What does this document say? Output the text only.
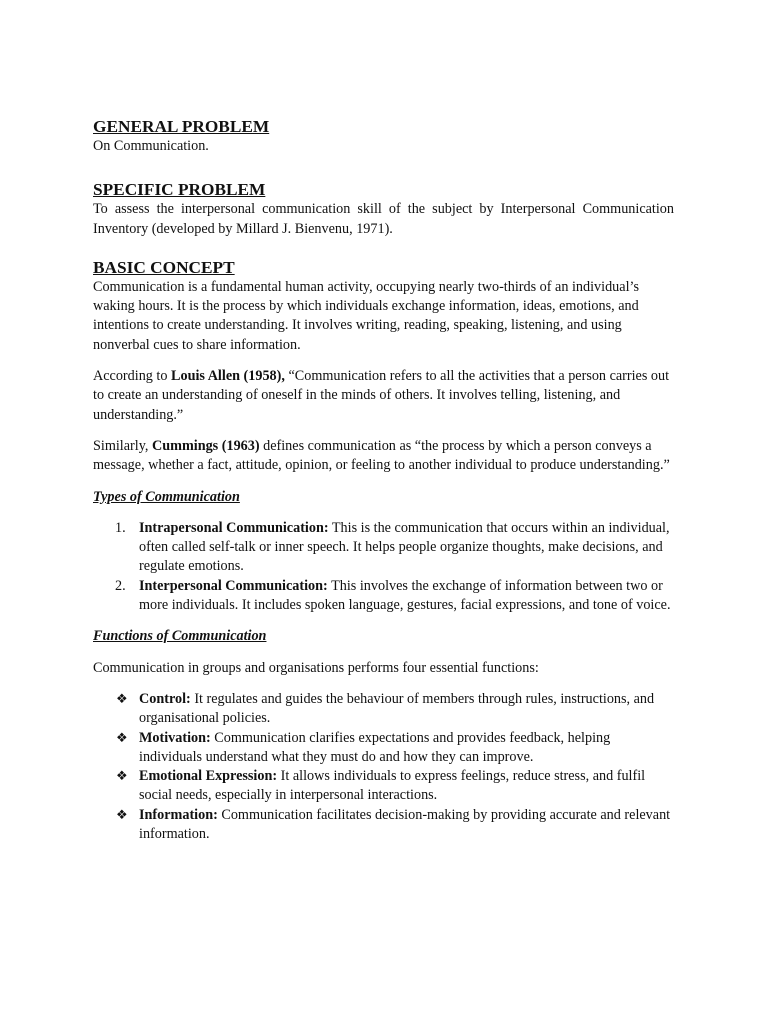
GENERAL PROBLEM

On Communication.

SPECIFIC PROBLEM

To assess the interpersonal communication skill of the subject by Interpersonal Communication Inventory (developed by Millard J. Bienvenu, 1971).

BASIC CONCEPT

Communication is a fundamental human activity, occupying nearly two-thirds of an individual’s waking hours. It is the process by which individuals exchange information, ideas, emotions, and intentions to create understanding. It involves writing, reading, speaking, listening, and using nonverbal cues to share information.

According to Louis Allen (1958), “Communication refers to all the activities that a person carries out to create an understanding of oneself in the minds of others. It involves telling, listening, and understanding.”

Similarly, Cummings (1963) defines communication as “the process by which a person conveys a message, whether a fact, attitude, opinion, or feeling to another individual to produce understanding.”

Types of Communication

1. Intrapersonal Communication: This is the communication that occurs within an individual, often called self-talk or inner speech. It helps people organize thoughts, make decisions, and regulate emotions.
2. Interpersonal Communication: This involves the exchange of information between two or more individuals. It includes spoken language, gestures, facial expressions, and tone of voice.

Functions of Communication

Communication in groups and organisations performs four essential functions:

❖ Control: It regulates and guides the behaviour of members through rules, instructions, and organisational policies.
❖ Motivation: Communication clarifies expectations and provides feedback, helping individuals understand what they must do and how they can improve.
❖ Emotional Expression: It allows individuals to express feelings, reduce stress, and fulfil social needs, especially in interpersonal interactions.
❖ Information: Communication facilitates decision-making by providing accurate and relevant information.
